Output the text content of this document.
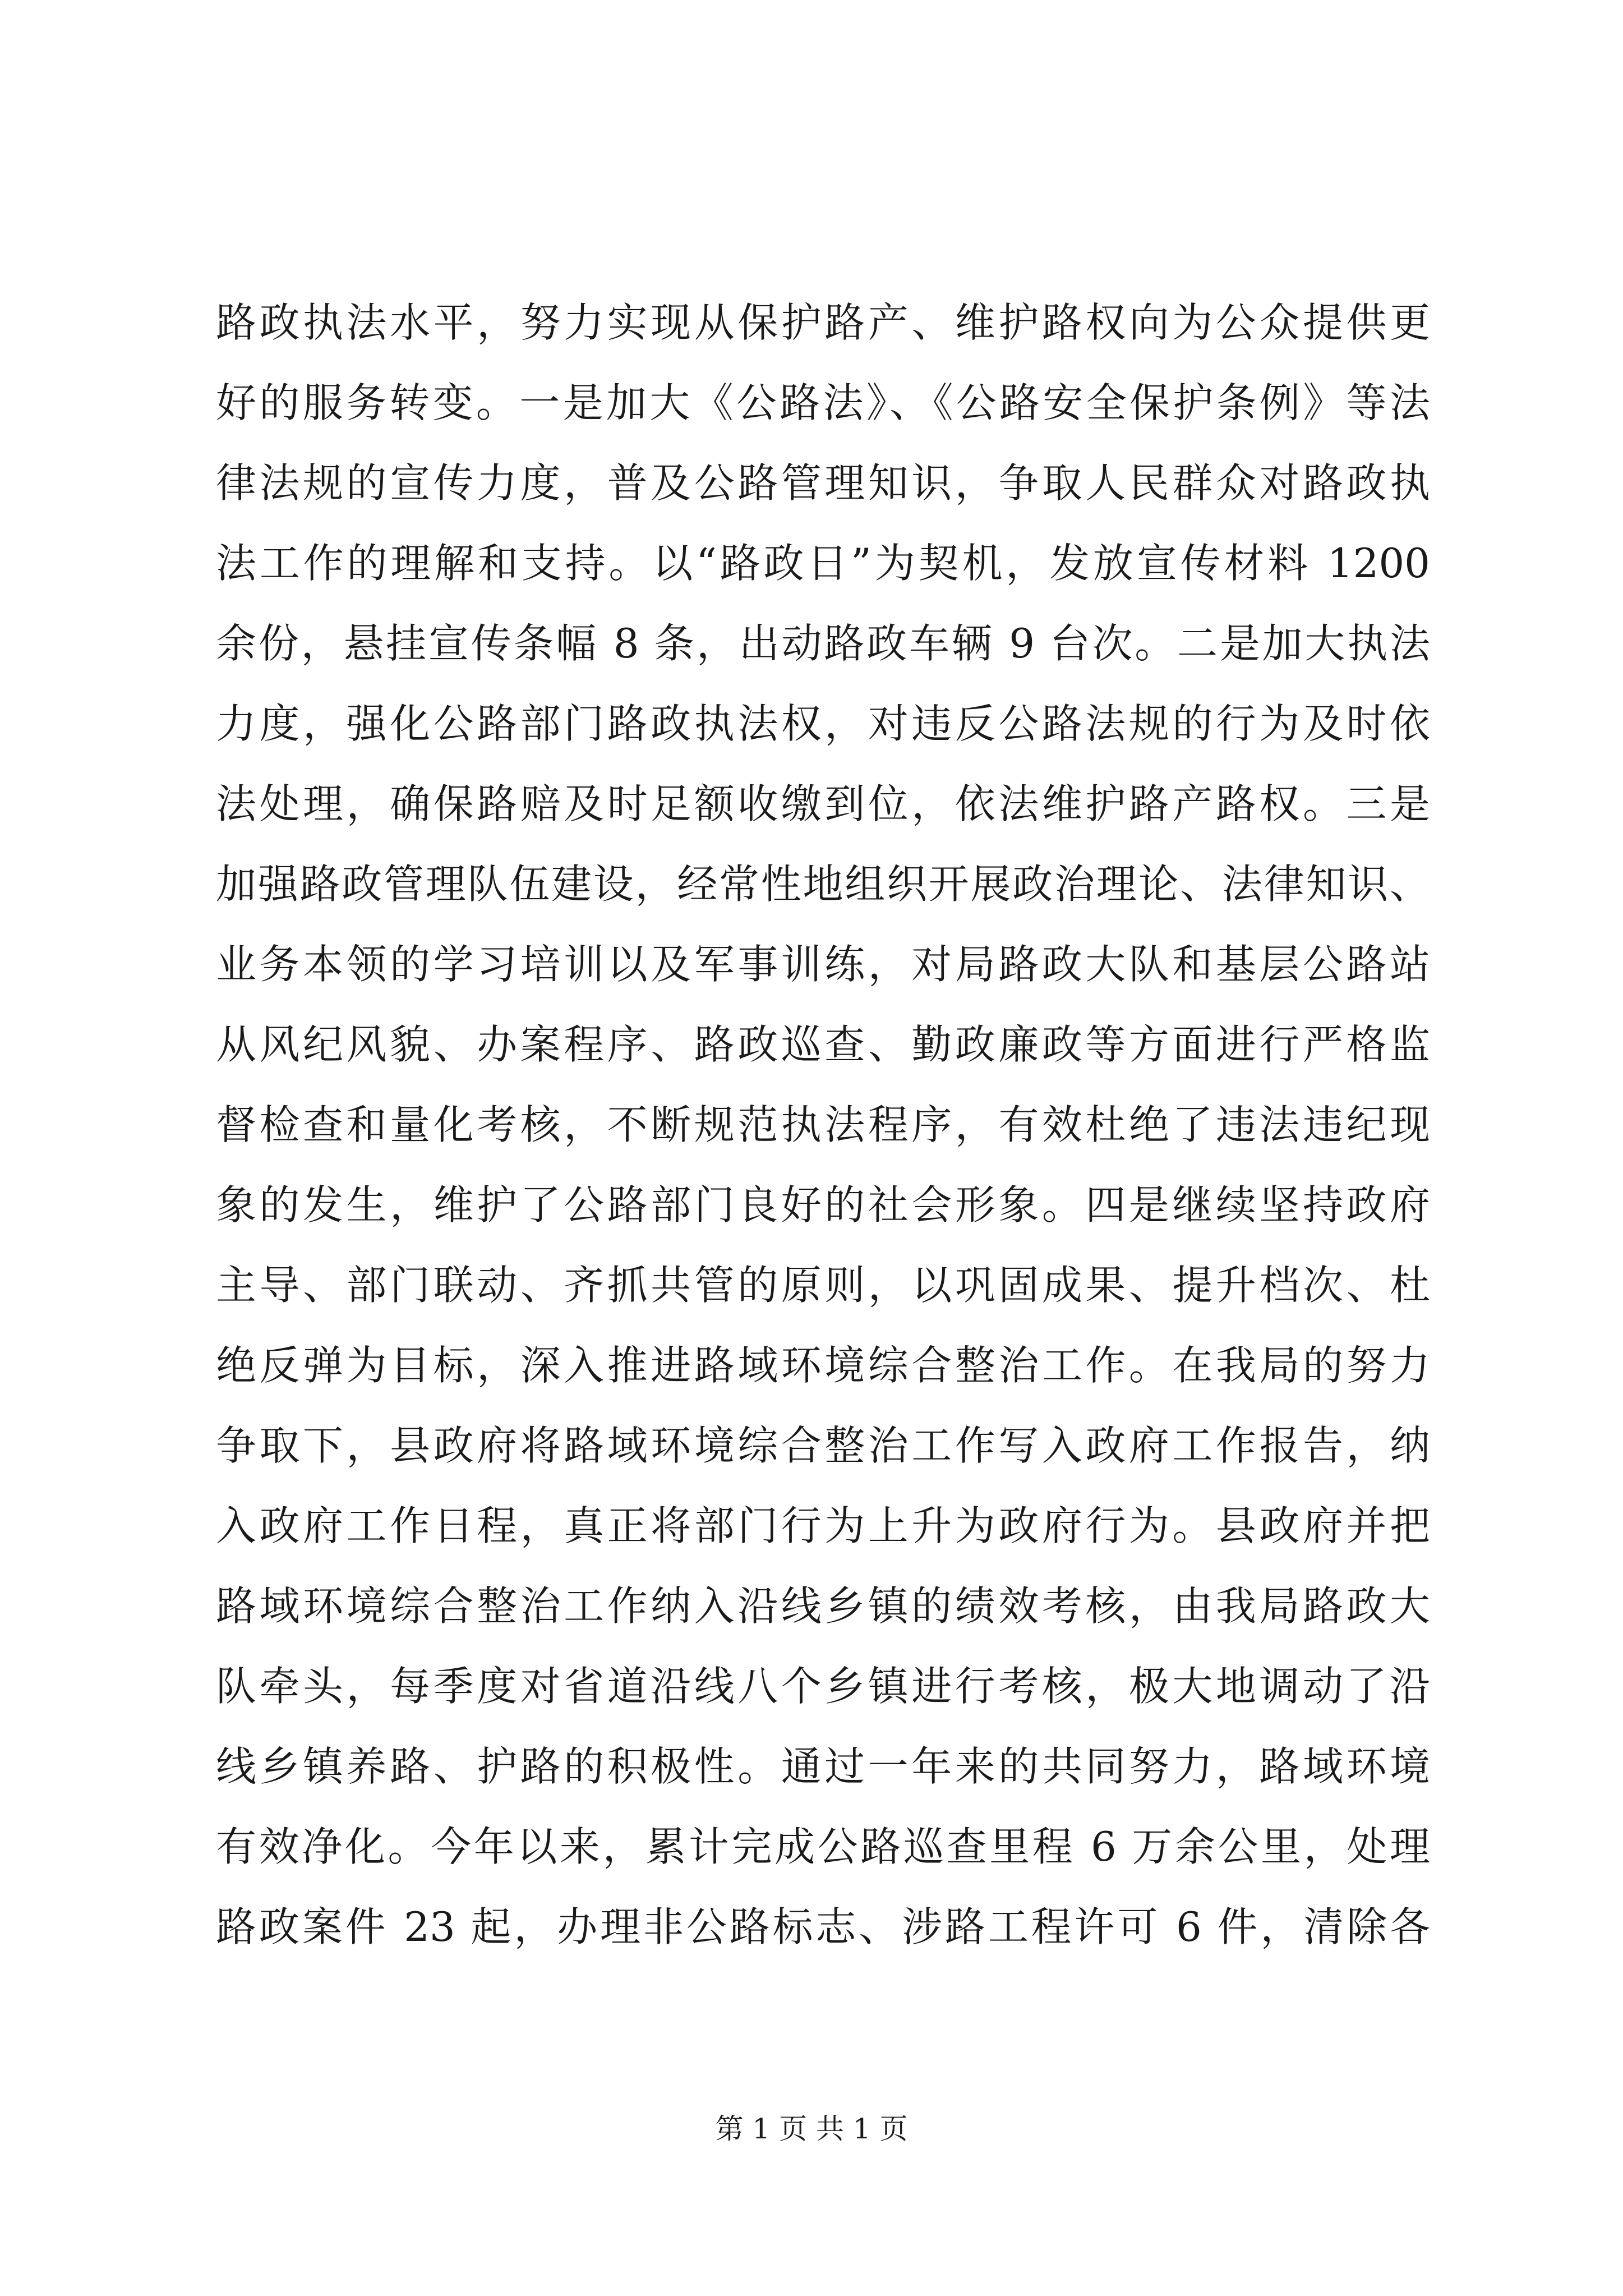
路政执法水平，努力实现从保护路产、维护路权向为公众提供更
好的服务转变。一是加大《公路法》、《公路安全保护条例》等法
律法规的宣传力度，普及公路管理知识，争取人民群众对路政执
法工作的理解和支持。以“路政日”为契机，发放宣传材料 1200
余份，悬挂宣传条幅 8 条，出动路政车辆 9 台次。二是加大执法
力度，强化公路部门路政执法权，对违反公路法规的行为及时依
法处理，确保路赔及时足额收缴到位，依法维护路产路权。三是
加强路政管理队伍建设，经常性地组织开展政治理论、法律知识、
业务本领的学习培训以及军事训练，对局路政大队和基层公路站
从风纪风貌、办案程序、路政巡查、勤政廉政等方面进行严格监
督检查和量化考核，不断规范执法程序，有效杜绝了违法违纪现
象的发生，维护了公路部门良好的社会形象。四是继续坚持政府
主导、部门联动、齐抓共管的原则，以巩固成果、提升档次、杜
绝反弹为目标，深入推进路域环境综合整治工作。在我局的努力
争取下，县政府将路域环境综合整治工作写入政府工作报告，纳
入政府工作日程，真正将部门行为上升为政府行为。县政府并把
路域环境综合整治工作纳入沿线乡镇的绩效考核，由我局路政大
队牵头，每季度对省道沿线八个乡镇进行考核，极大地调动了沿
线乡镇养路、护路的积极性。通过一年来的共同努力，路域环境
有效净化。今年以来，累计完成公路巡查里程 6 万余公里，处理
路政案件 23 起，办理非公路标志、涉路工程许可 6 件，清除各
第 1 页 共 1 页
